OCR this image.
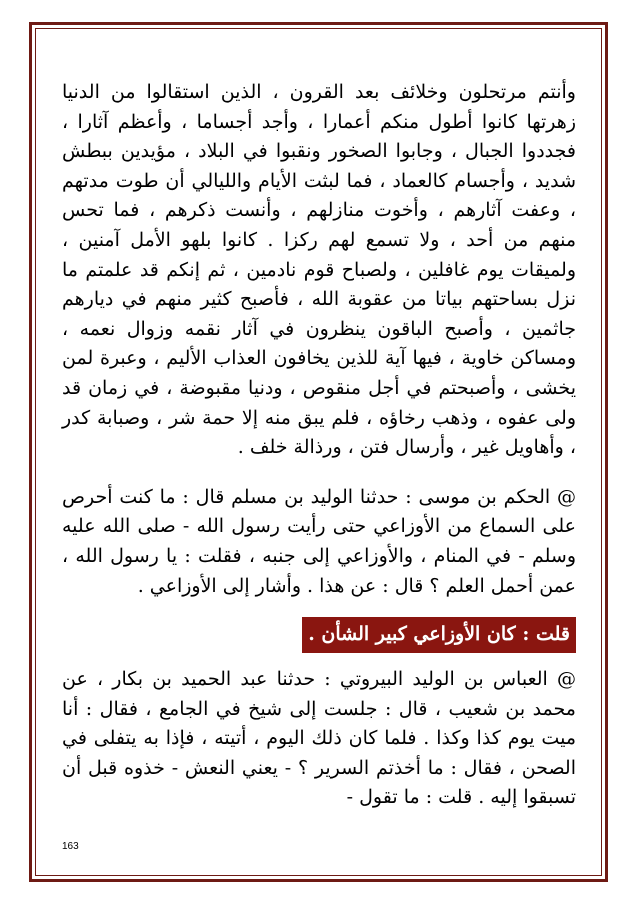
وأنتم مرتحلون وخلائف بعد القرون ، الذين استقالوا من الدنيا زهرتها كانوا أطول منكم أعمارا ، وأجد أجساما ، وأعظم آثارا ، فجددوا الجبال ، وجابوا الصخور ونقبوا في البلاد ، مؤيدين ببطش شديد ، وأجسام كالعماد ، فما لبثت الأيام والليالي أن طوت مدتهم ، وعفت آثارهم ، وأخوت منازلهم ، وأنست ذكرهم ، فما تحس منهم من أحد ، ولا تسمع لهم ركزا . كانوا بلهو الأمل آمنين ، ولميقات يوم غافلين ، ولصباح قوم نادمين ، ثم إنكم قد علمتم ما نزل بساحتهم بياتا من عقوبة الله ، فأصبح كثير منهم في ديارهم جاثمين ، وأصبح الباقون ينظرون في آثار نقمه وزوال نعمه ، ومساكن خاوية ، فيها آية للذين يخافون العذاب الأليم ، وعبرة لمن يخشى ، وأصبحتم في أجل منقوص ، ودنيا مقبوضة ، في زمان قد ولى عفوه ، وذهب رخاؤه ، فلم يبق منه إلا حمة شر ، وصبابة كدر ، وأهاويل غير ، وأرسال فتن ، ورذالة خلف .

@ الحكم بن موسى : حدثنا الوليد بن مسلم قال : ما كنت أحرص على السماع من الأوزاعي حتى رأيت رسول الله - صلى الله عليه وسلم - في المنام ، والأوزاعي إلى جنبه ، فقلت : يا رسول الله ، عمن أحمل العلم ؟ قال : عن هذا . وأشار إلى الأوزاعي .

قلت : كان الأوزاعي كبير الشأن .

@ العباس بن الوليد البيروتي : حدثنا عبد الحميد بن بكار ، عن محمد بن شعيب ، قال : جلست إلى شيخ في الجامع ، فقال : أنا ميت يوم كذا وكذا . فلما كان ذلك اليوم ، أتيته ، فإذا به يتفلى في الصحن ، فقال : ما أخذتم السرير ؟ - يعني النعش - خذوه قبل أن تسبقوا إليه . قلت : ما تقول -

163
